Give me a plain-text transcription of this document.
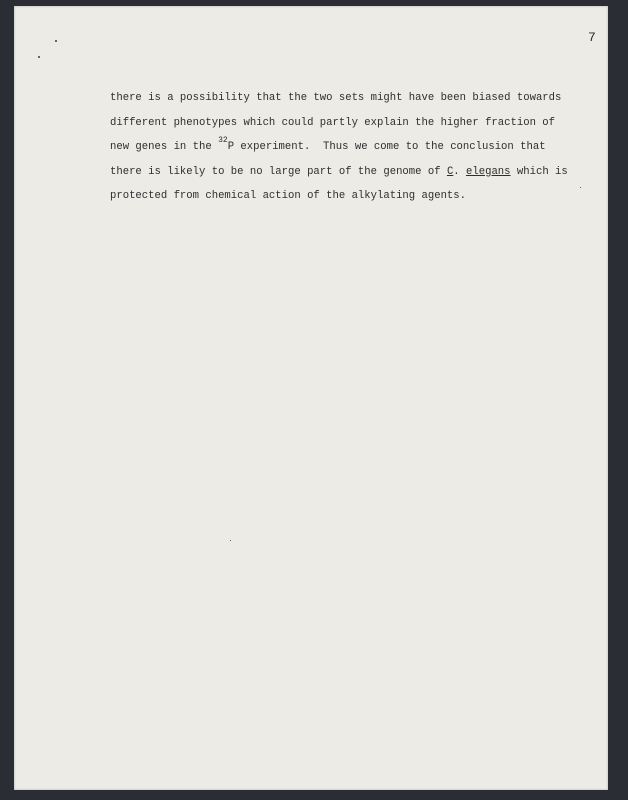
7
there is a possibility that the two sets might have been biased towards
different phenotypes which could partly explain the higher fraction of
new genes in the $^{32}$P experiment.  Thus we come to the conclusion that
there is likely to be no large part of the genome of C. elegans which is
protected from chemical action of the alkylating agents.
